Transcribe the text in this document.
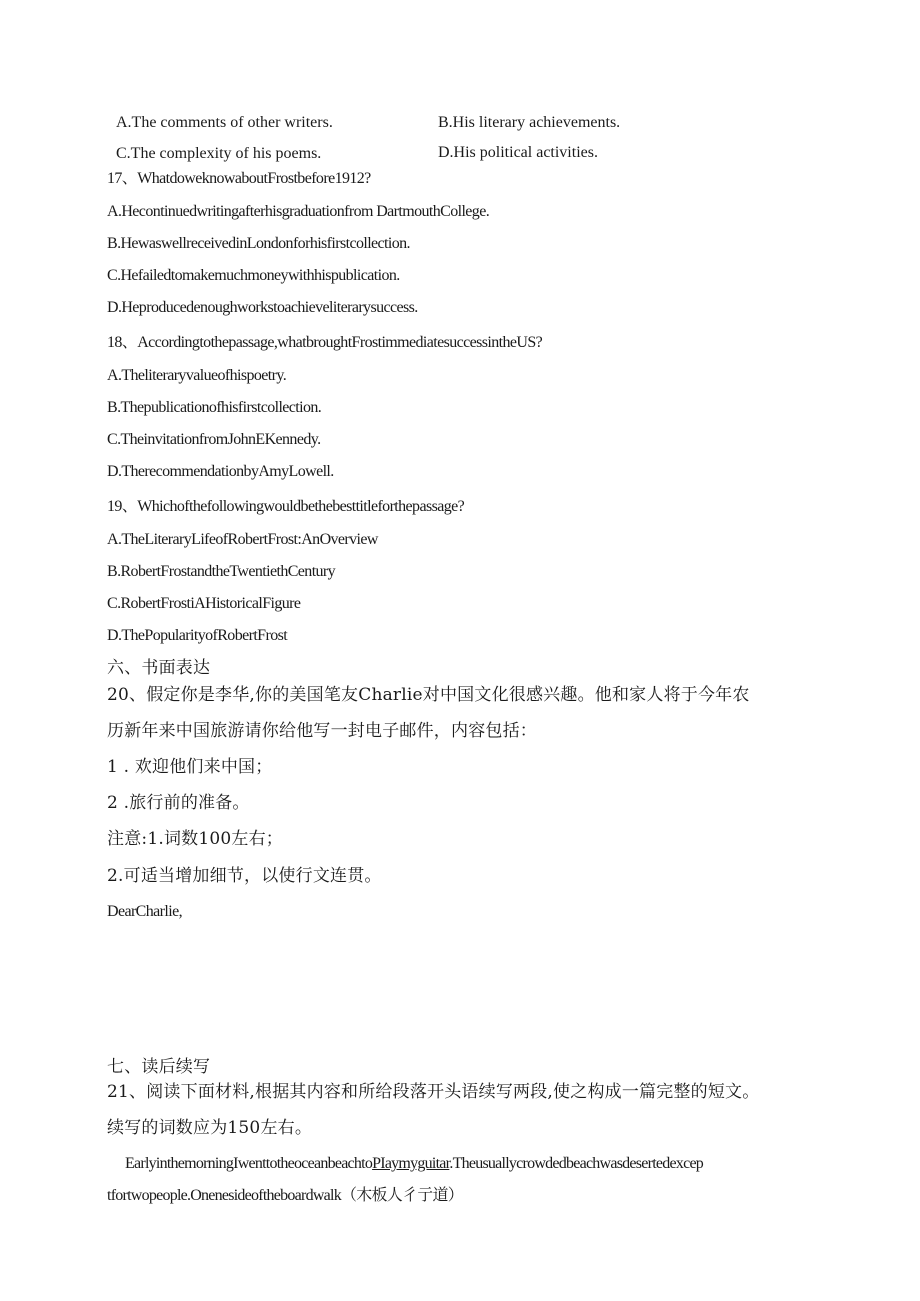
A.The comments of other writers.	B.His literary achievements.
C.The complexity of his poems.	D.His political activities.
17、WhatdoweknowaboutFrostbefore1912?
A.Hecontinuedwritingafterhisgraduationfrom DartmouthCollege.
B.HewaswellreceivedinLondonforhisfirstcollection.
C.Hefailedtomakemuchmoneywithhispublication.
D.Heproducedenoughworkstoachieveliterarysuccess.
18、Accordingtothepassage,whatbroughtFrostimmediatesuccessintheUS?
A.Theliteraryvalueofhispoetry.
B.Thepublicationofhisfirstcollection.
C.TheinvitationfromJohnEKennedy.
D.TherecommendationbyAmyLowell.
19、Whichofthefollowingwouldbethebesttitleforthepassage?
A.TheLiteraryLifeofRobertFrost:AnOverview
B.RobertFrostandtheTwentiethCentury
C.RobertFrostiAHistoricalFigure
D.ThePopularityofRobertFrost
六、书面表达
20、假定你是李华,你的美国笔友Charlie对中国文化很感兴趣。他和家人将于今年农
历新年来中国旅游请你给他写一封电子邮件，内容包括：
1 . 欢迎他们来中国；
2 .旅行前的准备。
注意:1.词数100左右；
2.可适当增加细节，以使行文连贯。
DearCharlie,
七、读后续写
21、阅读下面材料,根据其内容和所给段落开头语续写两段,使之构成一篇完整的短文。
续写的词数应为150左右。
EarlyinthemorningIwenttotheoceanbeachtoPIaymyguitar.Theusuallycrowdedbeachwasdesertedexcep
tfortwopeople.Onenesideoftheboardwalk（木板人彳亍道）
